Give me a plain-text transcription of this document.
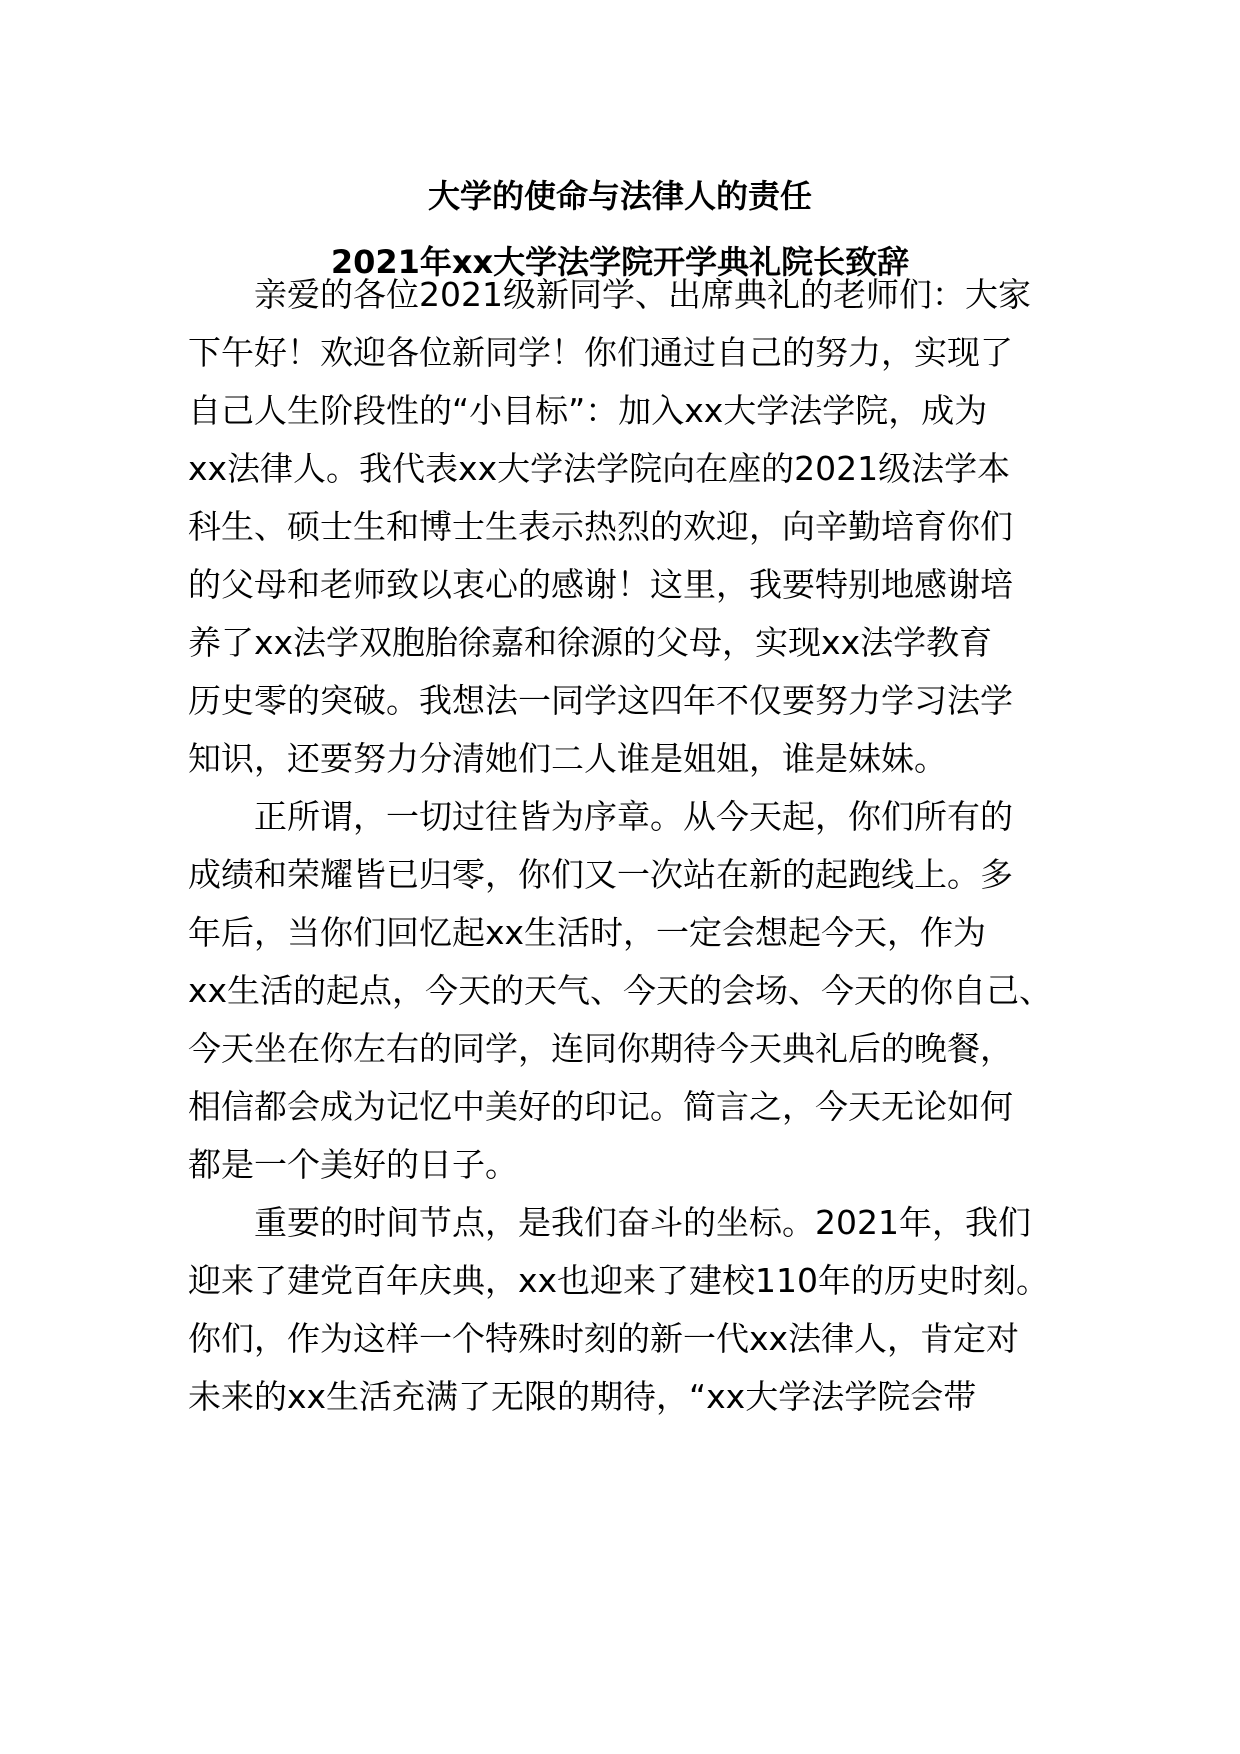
大学的使命与法律人的责任
2021年xx大学法学院开学典礼院长致辞
　　亲爱的各位2021级新同学、出席典礼的老师们：大家
下午好！欢迎各位新同学！你们通过自己的努力，实现了
自己人生阶段性的“小目标”：加入xx大学法学院，成为
xx法律人。我代表xx大学法学院向在座的2021级法学本
科生、硕士生和博士生表示热烈的欢迎，向辛勤培育你们
的父母和老师致以衷心的感谢！这里，我要特别地感谢培
养了xx法学双胞胎徐嘉和徐源的父母，实现xx法学教育
历史零的突破。我想法一同学这四年不仅要努力学习法学
知识，还要努力分清她们二人谁是姐姐，谁是妹妹。
　　正所谓，一切过往皆为序章。从今天起，你们所有的
成绩和荣耀皆已归零，你们又一次站在新的起跑线上。多
年后，当你们回忆起xx生活时，一定会想起今天，作为
xx生活的起点，今天的天气、今天的会场、今天的你自己、
今天坐在你左右的同学，连同你期待今天典礼后的晚餐，
相信都会成为记忆中美好的印记。简言之，今天无论如何
都是一个美好的日子。
　　重要的时间节点，是我们奋斗的坐标。2021年，我们
迎来了建党百年庆典，xx也迎来了建校110年的历史时刻。
你们，作为这样一个特殊时刻的新一代xx法律人，肯定对
未来的xx生活充满了无限的期待，“xx大学法学院会带
